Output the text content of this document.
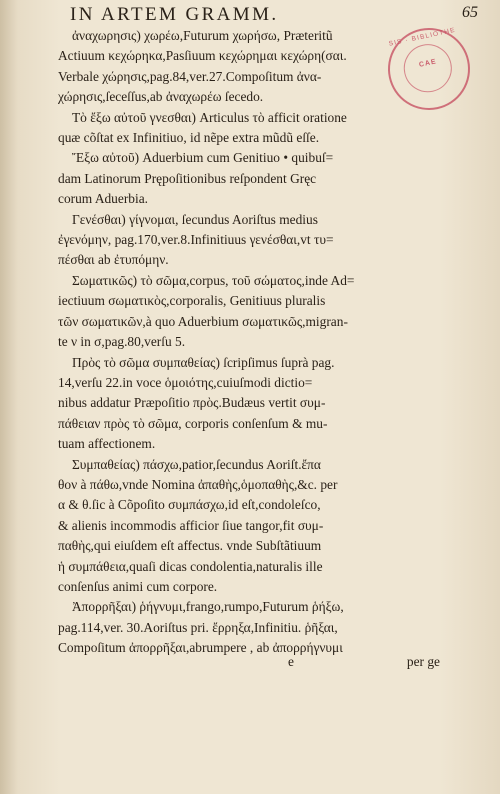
IN ARTEM GRAMM.	65
SIS · BIBLIOTHE
CAE
ἀναχωρησις) χωρέω,Futurum χωρήσω, Præteritũ
Actiuum κεχώρηκα,Pasſiuum κεχώρημαι κεχώρη(σαι.
Verbale χώρησις,pag.84,ver.27.Compoſitum ἀνα-
χώρησις,ſeceſſus,ab ἀναχωρέω ſecedo.
Τὸ ἔξω αὐτοῦ γνεσθαι) Articulus τὸ afficit oratione
quæ cõſtat ex Infinitiuo, id nẽpe extra mũdũ eſſe.
Ἔξω αὐτοῦ) Aduerbium cum Genitiuo • quibuſ=
dam Latinorum Prępoſitionibus reſpondent Gręc
corum Aduerbia.
Γενέσθαι) γίγνομαι, ſecundus Aoriſtus medius
ἐγενόμην, pag.170,ver.8.Infinitiuus γενέσθαι,vt τυ=
πέσθαι ab ἐτυπόμην.
Σωματικῶς) τὸ σῶμα,corpus, τοῦ σώματος,inde Ad=
iectiuum σωματικὸς,corporalis, Genitiuus pluralis
τῶν σωματικῶν,à quo Aduerbium σωματικῶς,migran-
te ν in σ,pag.80,verſu 5.
Πρὸς τὸ σῶμα συμπαθείας) ſcripſimus ſuprà pag.
14,verſu 22.in voce ὁμοιότης,cuiuſmodi dictio=
nibus addatur Præpoſitio πρὸς.Budæus vertit συμ-
πάθειαν πρὸς τὸ σῶμα, corporis conſenſum & mu-
tuam affectionem.
Συμπαθείας) πάσχω,patior,ſecundus Aoriſt.ἔπα
θον à πάθω,vnde Nomina ἀπαθὴς,ὁμοπαθὴς,&c. per
α & θ.ſic à Cõpoſito συμπάσχω,id eſt,condoleſco,
& alienis incommodis afficior ſiue tangor,fit συμ-
παθὴς,qui eiuſdem eſt affectus. vnde Subſtãtiuum
ἡ συμπάθεια,quaſi dicas condolentia,naturalis ille
conſenſus animi cum corpore.
Ἀπορρῆξαι) ῥήγνυμι,frango,rumpo,Futurum ῥήξω,
pag.114,ver. 30.Aoriſtus pri. ἔρρηξα,Infinitiu. ῥῆξαι,
Compoſitum ἀπορρῆξαι,abrumpere , ab ἀπορρήγνυμι
e	per ge
